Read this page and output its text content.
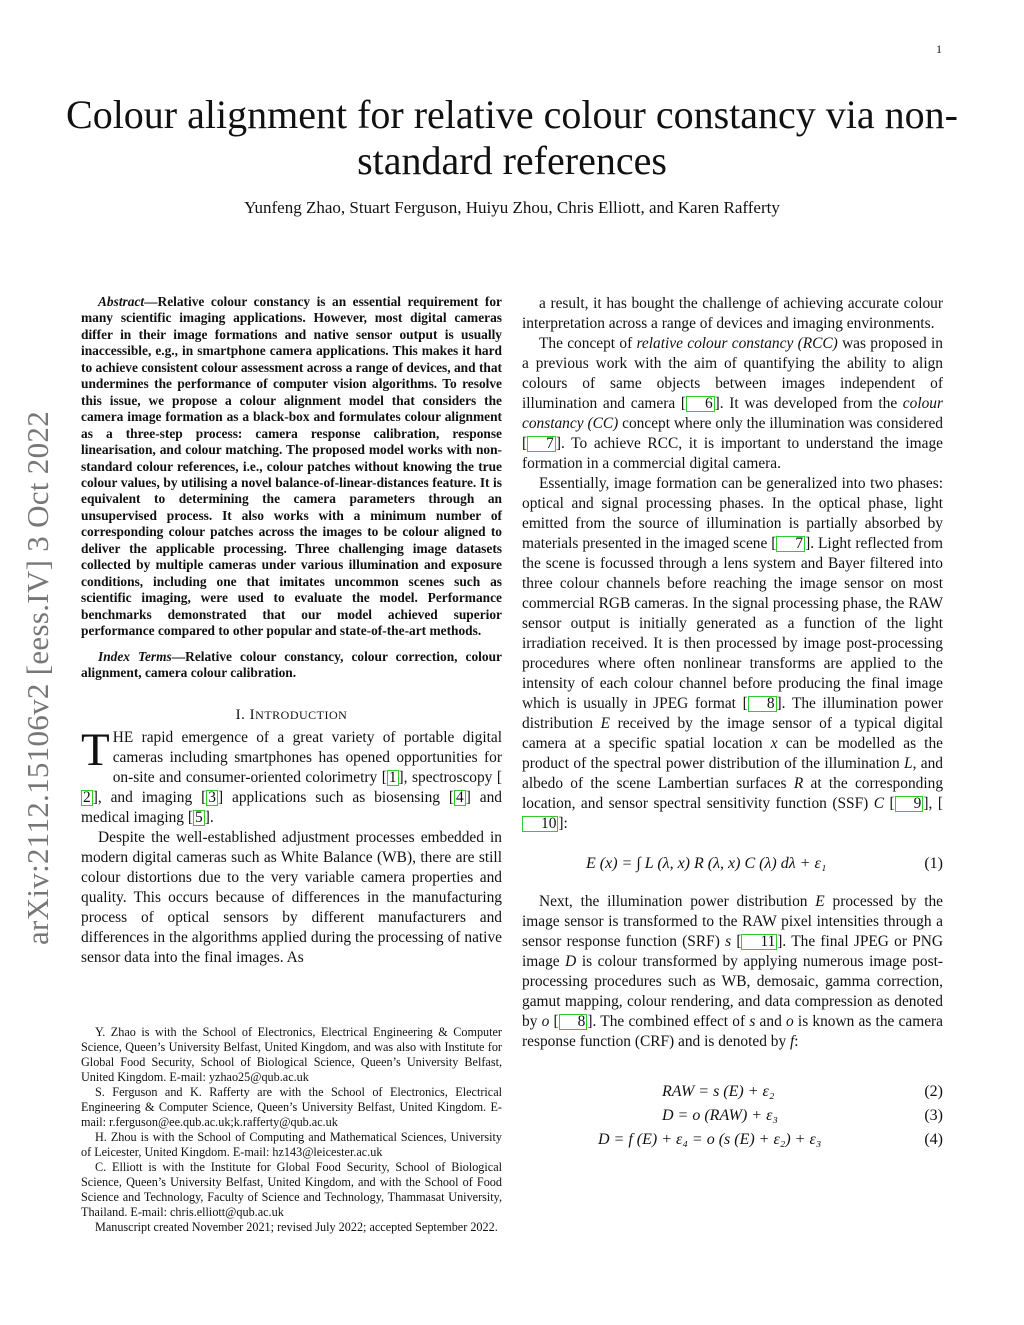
1
Colour alignment for relative colour constancy via non-standard references
Yunfeng Zhao, Stuart Ferguson, Huiyu Zhou, Chris Elliott, and Karen Rafferty
arXiv:2112.15106v2 [eess.IV] 3 Oct 2022

Abstract—Relative colour constancy is an essential requirement for many scientific imaging applications. However, most digital cameras differ in their image formations and native sensor output is usually inaccessible, e.g., in smartphone camera applications. This makes it hard to achieve consistent colour assessment across a range of devices, and that undermines the performance of computer vision algorithms. To resolve this issue, we propose a colour alignment model that considers the camera image formation as a black-box and formulates colour alignment as a three-step process: camera response calibration, response linearisation, and colour matching. The proposed model works with non-standard colour references, i.e., colour patches without knowing the true colour values, by utilising a novel balance-of-linear-distances feature. It is equivalent to determining the camera parameters through an unsupervised process. It also works with a minimum number of corresponding colour patches across the images to be colour aligned to deliver the applicable processing. Three challenging image datasets collected by multiple cameras under various illumination and exposure conditions, including one that imitates uncommon scenes such as scientific imaging, were used to evaluate the model. Performance benchmarks demonstrated that our model achieved superior performance compared to other popular and state-of-the-art methods.

Index Terms—Relative colour constancy, colour correction, colour alignment, camera colour calibration.

I. INTRODUCTION

THE rapid emergence of a great variety of portable digital cameras including smartphones has opened opportunities for on-site and consumer-oriented colorimetry [ 1 ], spectroscopy [2 ], and imaging [ 3 ] applications such as biosensing [ 4 ] and medical imaging [ 5 ].

Despite the well-established adjustment processes embedded in modern digital cameras such as White Balance (WB), there are still colour distortions due to the very variable camera properties and quality. This occurs because of differences in the manufacturing process of optical sensors by different manufacturers and differences in the algorithms applied during the processing of native sensor data into the final images. As

a result, it has bought the challenge of achieving accurate colour interpretation across a range of devices and imaging environments.

The concept of relative colour constancy (RCC) was proposed in a previous work with the aim of quantifying the ability to align colours of same objects between images independent of illumination and camera [ 6 ]. It was developed from the colour constancy (CC) concept where only the illumination was considered [ 7 ]. To achieve RCC, it is important to understand the image formation in a commercial digital camera.

Essentially, image formation can be generalized into two phases: optical and signal processing phases. In the optical phase, light emitted from the source of illumination is partially absorbed by materials presented in the imaged scene [ 7 ]. Light reflected from the scene is focussed through a lens system and Bayer filtered into three colour channels before reaching the image sensor on most commercial RGB cameras. In the signal processing phase, the RAW sensor output is initially generated as a function of the light irradiation received. It is then processed by image post-processing procedures where often nonlinear transforms are applied to the intensity of each colour channel before producing the final image which is usually in JPEG format [ 8 ]. The illumination power distribution E received by the image sensor of a typical digital camera at a specific spatial location x can be modelled as the product of the spectral power distribution of the illumination L, and albedo of the scene Lambertian surfaces R at the corresponding location, and sensor spectral sensitivity function (SSF) C [ 9 ], [10 ]:

E (x) = ∫ L (λ, x) R (λ, x) C (λ) dλ + ε₁	(1)

Next, the illumination power distribution E processed by the image sensor is transformed to the RAW pixel intensities through a sensor response function (SRF) s [ 11 ]. The final JPEG or PNG image D is colour transformed by applying numerous image post-processing procedures such as WB, demosaic, gamma correction, gamut mapping, colour rendering, and data compression as denoted by o [ 8 ]. The combined effect of s and o is known as the camera response function (CRF) and is denoted by f:

RAW = s (E) + ε₂	(2)
D = o (RAW) + ε₃	(3)
D = f (E) + ε₄ = o (s (E) + ε₂) + ε₃	(4)

Y. Zhao is with the School of Electronics, Electrical Engineering & Computer Science, Queen’s University Belfast, United Kingdom, and was also with Institute for Global Food Security, School of Biological Science, Queen’s University Belfast, United Kingdom. E-mail: yzhao25@qub.ac.uk

S. Ferguson and K. Rafferty are with the School of Electronics, Electrical Engineering & Computer Science, Queen’s University Belfast, United Kingdom. E-mail: r.ferguson@ee.qub.ac.uk;k.rafferty@qub.ac.uk

H. Zhou is with the School of Computing and Mathematical Sciences, University of Leicester, United Kingdom. E-mail: hz143@leicester.ac.uk

C. Elliott is with the Institute for Global Food Security, School of Biological Science, Queen’s University Belfast, United Kingdom, and with the School of Food Science and Technology, Faculty of Science and Technology, Thammasat University, Thailand. E-mail: chris.elliott@qub.ac.uk

Manuscript created November 2021; revised July 2022; accepted September 2022.
